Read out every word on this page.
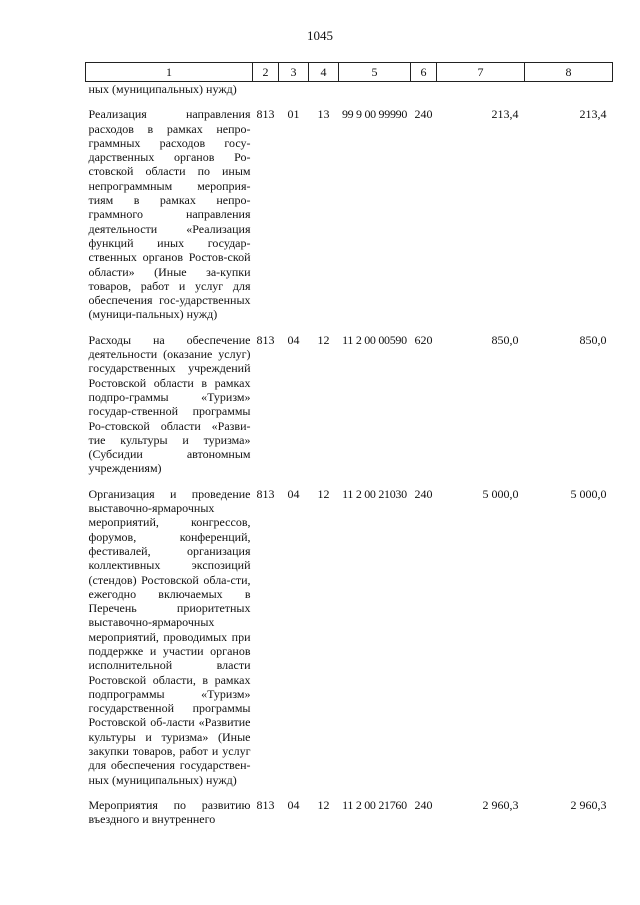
1045
1	2	3	4	5	6	7	8
ных (муниципальных) нужд)							
Реализация направления расходов в рамках непро-граммных расходов госу-дарственных органов Ро-стовской области по иным непрограммным мероприя-тиям в рамках непро-граммного направления деятельности «Реализация функций иных государ-ственных органов Ростов-ской области» (Иные за-купки товаров, работ и услуг для обеспечения гос-ударственных (муници-пальных) нужд)	813	01	13	99 9 00 99990	240	213,4	213,4
Расходы на обеспечение деятельности (оказание услуг) государственных учреждений Ростовской области в рамках подпро-граммы «Туризм» государ-ственной программы Ро-стовской области «Разви-тие культуры и туризма» (Субсидии автономным учреждениям)	813	04	12	11 2 00 00590	620	850,0	850,0
Организация и проведение выставочно-ярмарочных мероприятий, конгрессов, форумов, конференций, фестивалей, организация коллективных экспозиций (стендов) Ростовской обла-сти, ежегодно включаемых в Перечень приоритетных выставочно-ярмарочных мероприятий, проводимых при поддержке и участии органов исполнительной власти Ростовской области, в рамках подпрограммы «Туризм» государственной программы Ростовской об-ласти «Развитие культуры и туризма» (Иные закупки товаров, работ и услуг для обеспечения государствен-ных (муниципальных) нужд)	813	04	12	11 2 00 21030	240	5 000,0	5 000,0
Мероприятия по развитию въездного и внутреннего	813	04	12	11 2 00 21760	240	2 960,3	2 960,3
